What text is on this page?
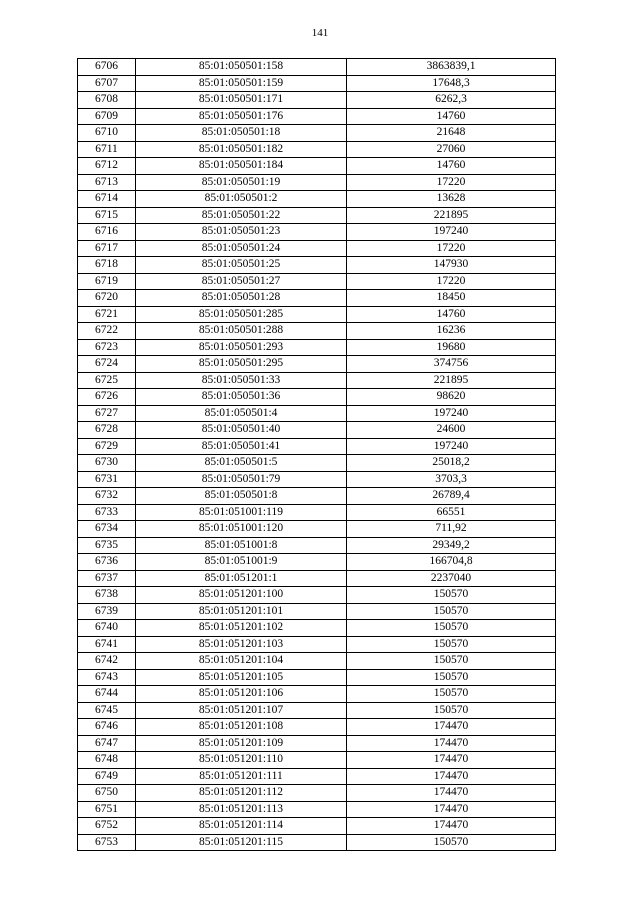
141
6706	85:01:050501:158	3863839,1
6707	85:01:050501:159	17648,3
6708	85:01:050501:171	6262,3
6709	85:01:050501:176	14760
6710	85:01:050501:18	21648
6711	85:01:050501:182	27060
6712	85:01:050501:184	14760
6713	85:01:050501:19	17220
6714	85:01:050501:2	13628
6715	85:01:050501:22	221895
6716	85:01:050501:23	197240
6717	85:01:050501:24	17220
6718	85:01:050501:25	147930
6719	85:01:050501:27	17220
6720	85:01:050501:28	18450
6721	85:01:050501:285	14760
6722	85:01:050501:288	16236
6723	85:01:050501:293	19680
6724	85:01:050501:295	374756
6725	85:01:050501:33	221895
6726	85:01:050501:36	98620
6727	85:01:050501:4	197240
6728	85:01:050501:40	24600
6729	85:01:050501:41	197240
6730	85:01:050501:5	25018,2
6731	85:01:050501:79	3703,3
6732	85:01:050501:8	26789,4
6733	85:01:051001:119	66551
6734	85:01:051001:120	711,92
6735	85:01:051001:8	29349,2
6736	85:01:051001:9	166704,8
6737	85:01:051201:1	2237040
6738	85:01:051201:100	150570
6739	85:01:051201:101	150570
6740	85:01:051201:102	150570
6741	85:01:051201:103	150570
6742	85:01:051201:104	150570
6743	85:01:051201:105	150570
6744	85:01:051201:106	150570
6745	85:01:051201:107	150570
6746	85:01:051201:108	174470
6747	85:01:051201:109	174470
6748	85:01:051201:110	174470
6749	85:01:051201:111	174470
6750	85:01:051201:112	174470
6751	85:01:051201:113	174470
6752	85:01:051201:114	174470
6753	85:01:051201:115	150570
